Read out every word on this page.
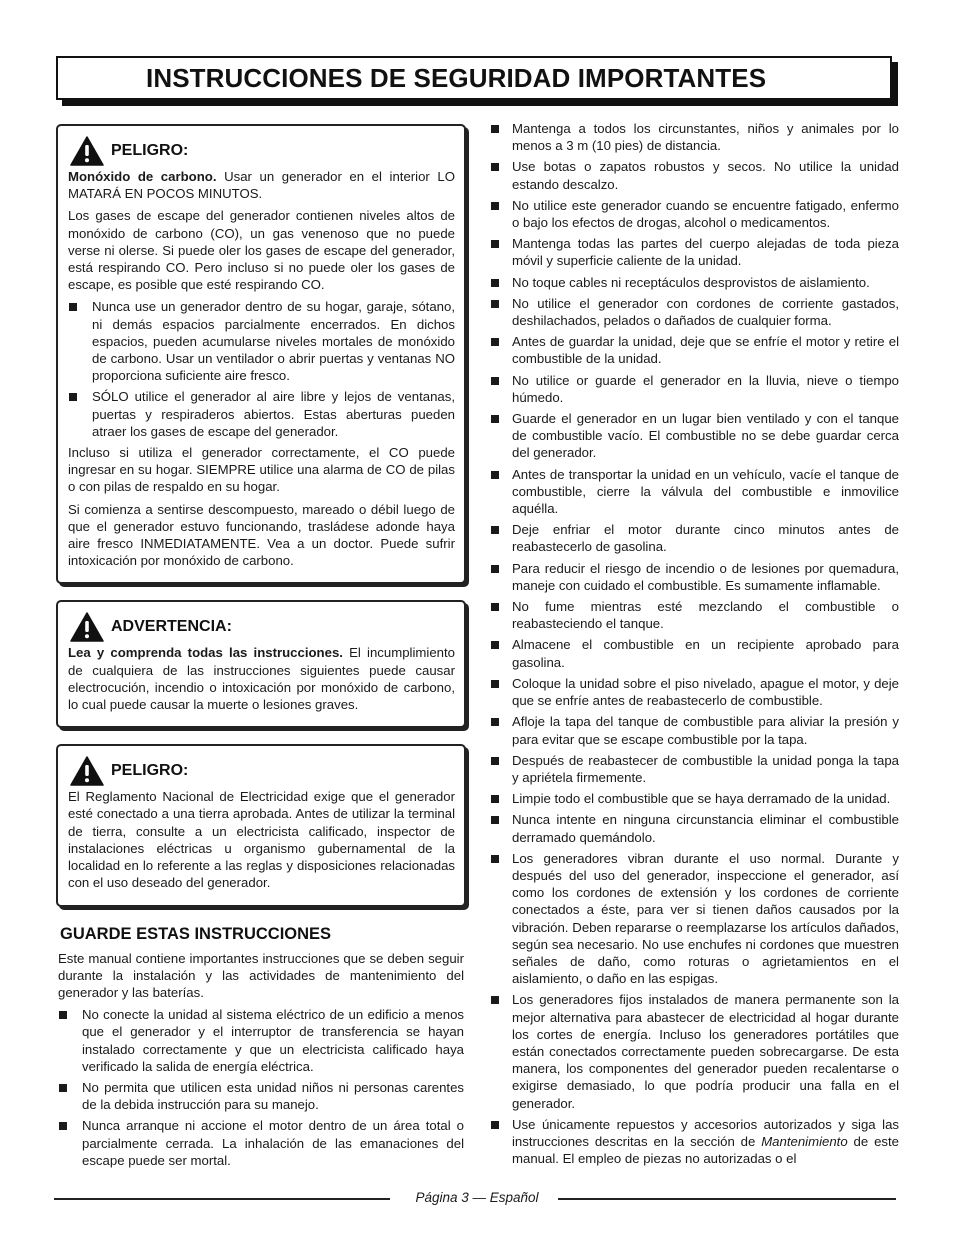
INSTRUCCIONES DE SEGURIDAD IMPORTANTES
PELIGRO:

Monóxido de carbono. Usar un generador en el interior LO MATARÁ EN POCOS MINUTOS.

Los gases de escape del generador contienen niveles altos de monóxido de carbono (CO), un gas venenoso que no puede verse ni olerse. Si puede oler los gases de escape del generador, está respirando CO. Pero incluso si no puede oler los gases de escape, es posible que esté respirando CO.

Nunca use un generador dentro de su hogar, garaje, sótano, ni demás espacios parcialmente encerrados. En dichos espacios, pueden acumularse niveles mortales de monóxido de carbono. Usar un ventilador o abrir puertas y ventanas NO proporciona suficiente aire fresco.
SÓLO utilice el generador al aire libre y lejos de ventanas, puertas y respiraderos abiertos. Estas aberturas pueden atraer los gases de escape del generador.

Incluso si utiliza el generador correctamente, el CO puede ingresar en su hogar. SIEMPRE utilice una alarma de CO de pilas o con pilas de respaldo en su hogar.

Si comienza a sentirse descompuesto, mareado o débil luego de que el generador estuvo funcionando, trasládese adonde haya aire fresco INMEDIATAMENTE. Vea a un doctor. Puede sufrir intoxicación por monóxido de carbono.

ADVERTENCIA:

Lea y comprenda todas las instrucciones. El incumplimiento de cualquiera de las instrucciones siguientes puede causar electrocución, incendio o intoxicación por monóxido de carbono, lo cual puede causar la muerte o lesiones graves.

PELIGRO:

El Reglamento Nacional de Electricidad exige que el generador esté conectado a una tierra aprobada. Antes de utilizar la terminal de tierra, consulte a un electricista calificado, inspector de instalaciones eléctricas u organismo gubernamental de la localidad en lo referente a las reglas y disposiciones relacionadas con el uso deseado del generador.

GUARDE ESTAS INSTRUCCIONES

Este manual contiene importantes instrucciones que se deben seguir durante la instalación y las actividades de mantenimiento del generador y las baterías.

No conecte la unidad al sistema eléctrico de un edificio a menos que el generador y el interruptor de transferencia se hayan instalado correctamente y que un electricista calificado haya verificado la salida de energía eléctrica.
No permita que utilicen esta unidad niños ni personas carentes de la debida instrucción para su manejo.
Nunca arranque ni accione el motor dentro de un área total o parcialmente cerrada. La inhalación de las emanaciones del escape puede ser mortal.
Mantenga a todos los circunstantes, niños y animales por lo menos a 3 m (10 pies) de distancia.
Use botas o zapatos robustos y secos. No utilice la unidad estando descalzo.
No utilice este generador cuando se encuentre fatigado, enfermo o bajo los efectos de drogas, alcohol o medicamentos.
Mantenga todas las partes del cuerpo alejadas de toda pieza móvil y superficie caliente de la unidad.
No toque cables ni receptáculos desprovistos de aislamiento.
No utilice el generador con cordones de corriente gastados, deshilachados, pelados o dañados de cualquier forma.
Antes de guardar la unidad, deje que se enfríe el motor y retire el combustible de la unidad.
No utilice or guarde el generador en la lluvia, nieve o tiempo húmedo.
Guarde el generador en un lugar bien ventilado y con el tanque de combustible vacío. El combustible no se debe guardar cerca del generador.
Antes de transportar la unidad en un vehículo, vacíe el tanque de combustible, cierre la válvula del combustible e inmovilice aquélla.
Deje enfriar el motor durante cinco minutos antes de reabastecerlo de gasolina.
Para reducir el riesgo de incendio o de lesiones por quemadura, maneje con cuidado el combustible. Es sumamente inflamable.
No fume mientras esté mezclando el combustible o reabasteciendo el tanque.
Almacene el combustible en un recipiente aprobado para gasolina.
Coloque la unidad sobre el piso nivelado, apague el motor, y deje que se enfríe antes de reabastecerlo de combustible.
Afloje la tapa del tanque de combustible para aliviar la presión y para evitar que se escape combustible por la tapa.
Después de reabastecer de combustible la unidad ponga la tapa y apriétela firmemente.
Limpie todo el combustible que se haya derramado de la unidad.
Nunca intente en ninguna circunstancia eliminar el combustible derramado quemándolo.
Los generadores vibran durante el uso normal. Durante y después del uso del generador, inspeccione el generador, así como los cordones de extensión y los cordones de corriente conectados a éste, para ver si tienen daños causados por la vibración. Deben repararse o reemplazarse los artículos dañados, según sea necesario. No use enchufes ni cordones que muestren señales de daño, como roturas o agrietamientos en el aislamiento, o daño en las espigas.
Los generadores fijos instalados de manera permanente son la mejor alternativa para abastecer de electricidad al hogar durante los cortes de energía. Incluso los generadores portátiles que están conectados correctamente pueden sobrecargarse. De esta manera, los componentes del generador pueden recalentarse o exigirse demasiado, lo que podría producir una falla en el generador.
Use únicamente repuestos y accesorios autorizados y siga las instrucciones descritas en la sección de Mantenimiento de este manual. El empleo de piezas no autorizadas o el
Página 3 — Español
